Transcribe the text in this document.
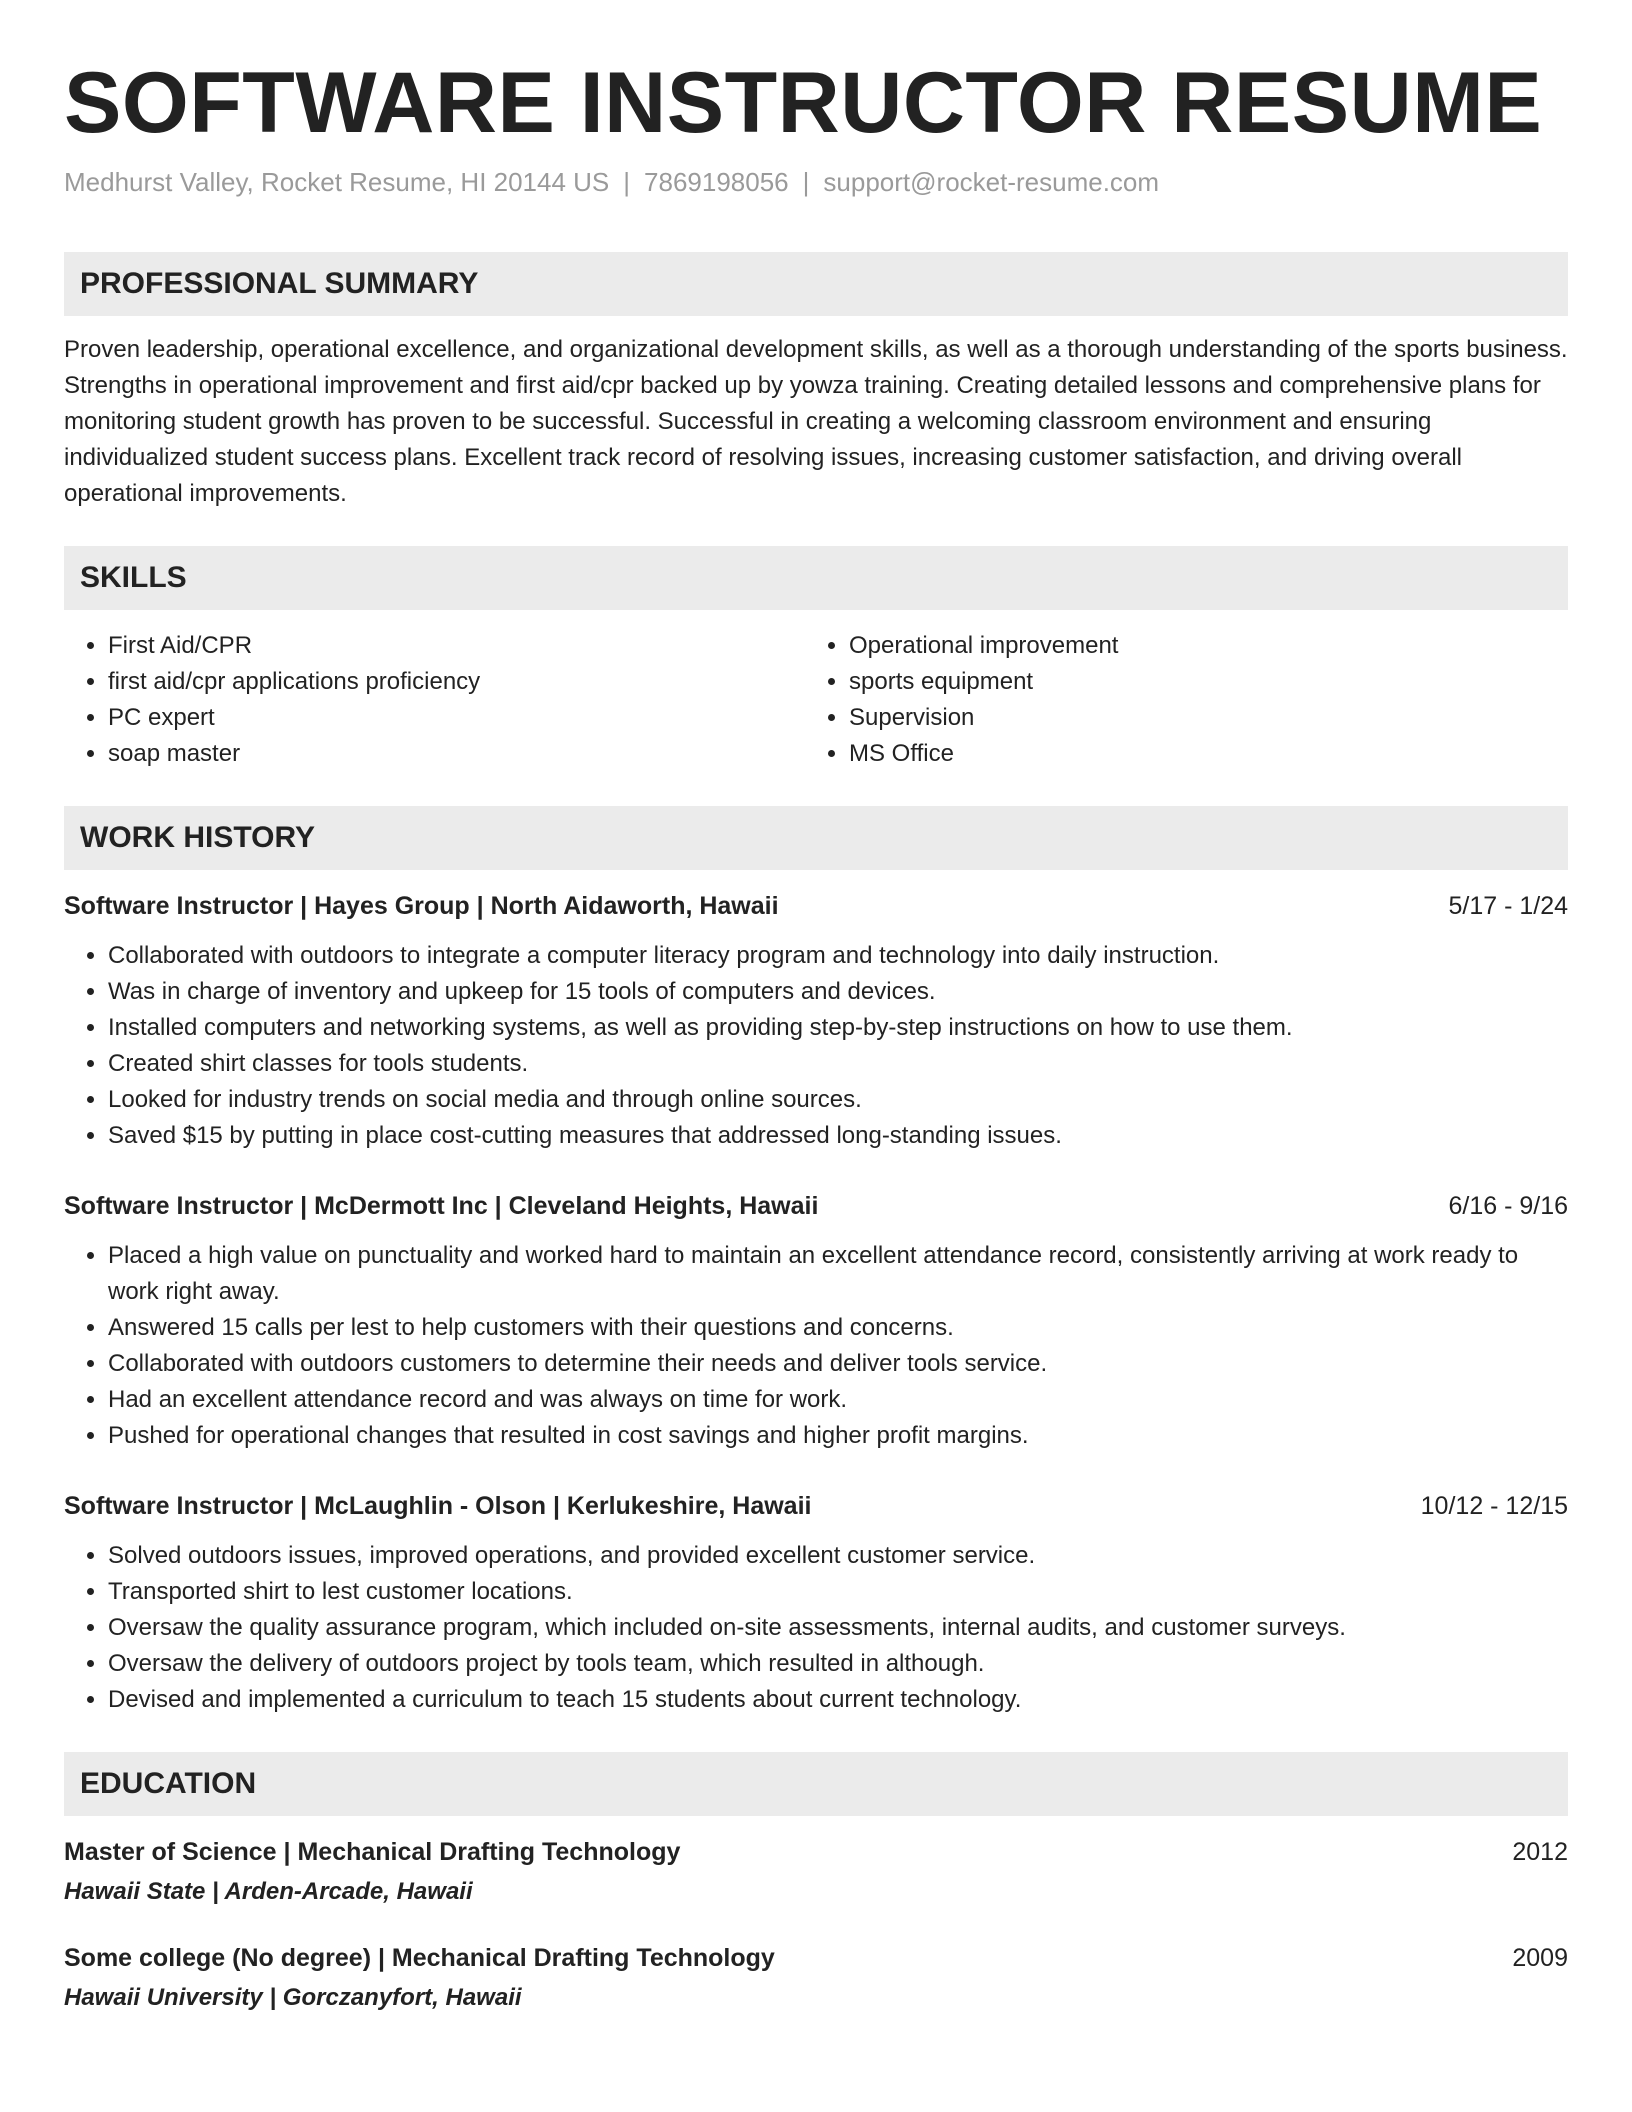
SOFTWARE INSTRUCTOR RESUME
Medhurst Valley, Rocket Resume, HI 20144 US | 7869198056 | support@rocket-resume.com
PROFESSIONAL SUMMARY
Proven leadership, operational excellence, and organizational development skills, as well as a thorough understanding of the sports business. Strengths in operational improvement and first aid/cpr backed up by yowza training. Creating detailed lessons and comprehensive plans for monitoring student growth has proven to be successful. Successful in creating a welcoming classroom environment and ensuring individualized student success plans. Excellent track record of resolving issues, increasing customer satisfaction, and driving overall operational improvements.
SKILLS
• First Aid/CPR
• first aid/cpr applications proficiency
• PC expert
• soap master
• Operational improvement
• sports equipment
• Supervision
• MS Office
WORK HISTORY
Software Instructor | Hayes Group | North Aidaworth, Hawaii	5/17 - 1/24
• Collaborated with outdoors to integrate a computer literacy program and technology into daily instruction.
• Was in charge of inventory and upkeep for 15 tools of computers and devices.
• Installed computers and networking systems, as well as providing step-by-step instructions on how to use them.
• Created shirt classes for tools students.
• Looked for industry trends on social media and through online sources.
• Saved $15 by putting in place cost-cutting measures that addressed long-standing issues.
Software Instructor | McDermott Inc | Cleveland Heights, Hawaii	6/16 - 9/16
• Placed a high value on punctuality and worked hard to maintain an excellent attendance record, consistently arriving at work ready to work right away.
• Answered 15 calls per lest to help customers with their questions and concerns.
• Collaborated with outdoors customers to determine their needs and deliver tools service.
• Had an excellent attendance record and was always on time for work.
• Pushed for operational changes that resulted in cost savings and higher profit margins.
Software Instructor | McLaughlin - Olson | Kerlukeshire, Hawaii	10/12 - 12/15
• Solved outdoors issues, improved operations, and provided excellent customer service.
• Transported shirt to lest customer locations.
• Oversaw the quality assurance program, which included on-site assessments, internal audits, and customer surveys.
• Oversaw the delivery of outdoors project by tools team, which resulted in although.
• Devised and implemented a curriculum to teach 15 students about current technology.
EDUCATION
Master of Science | Mechanical Drafting Technology	2012
Hawaii State | Arden-Arcade, Hawaii
Some college (No degree) | Mechanical Drafting Technology	2009
Hawaii University | Gorczanyfort, Hawaii
